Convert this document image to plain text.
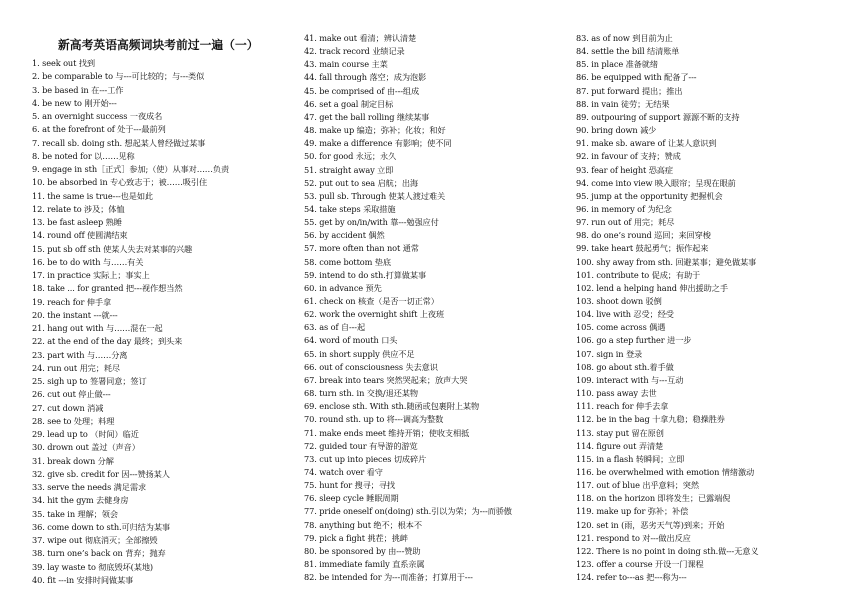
新高考英语高频词块考前过一遍（一）
1. seek out 找到
2. be comparable to 与---可比较的；与---类似
3. be based in 在---工作
4. be new to 刚开始---
5. an overnight success 一夜成名
6. at the forefront of 处于---最前列
7. recall sb. doing sth. 想起某人曾经做过某事
8. be noted for 以……见称
9. engage in sth［正式］参加;（使）从事对……负责
10. be absorbed in 专心致志于；被……吸引住
11. the same is true---也是如此
12. relate to 涉及；体恤
13. be fast asleep 熟睡
14. round off 使圆满结束
15. put sb off sth 使某人失去对某事的兴趣
16. be to do with 与……有关
17. in practice 实际上；事实上
18. take ... for granted 把---视作想当然
19. reach for 伸手拿
20. the instant ---就---
21. hang out with 与……混在一起
22. at the end of the day 最终；到头来
23. part with 与……分离
24. run out 用完；耗尽
25. sigh up to 签署同意；签订
26. cut out 停止做---
27. cut down 消减
28. see to 处理；料理
29. lead up to （时间）临近
30. drown out 盖过（声音）
31. break down 分解
32. give sb. credit for 因---赞扬某人
33. serve the needs 满足需求
34. hit the gym 去健身房
35. take in 理解；领会
36. come down to sth.可归结为某事
37. wipe out 彻底消灭；全部擦毁
38. turn one’s back on 背弃；抛弃
39. lay waste to 彻底毁坏(某地)
40. fit ---in 安排时间做某事
41. make out 看清；辨认清楚
42. track record 业绩记录
43. main course 主菜
44. fall through 落空；成为泡影
45. be comprised of 由---组成
46. set a goal 制定目标
47. get the ball rolling 继续某事
48. make up 编造；弥补；化妆；和好
49. make a difference 有影响；使不同
50. for good 永远；永久
51. straight away 立即
52. put out to sea 启航；出海
53. pull sb. Through 使某人渡过难关
54. take steps 采取措施
55. get by on/in/with 靠---勉强应付
56. by accident 偶然
57. more often than not 通常
58. come bottom 垫底
59. intend to do sth.打算做某事
60. in advance 预先
61. check on 核查（是否一切正常）
62. work the overnight shift 上夜班
63. as of 自---起
64. word of mouth 口头
65. in short supply 供应不足
66. out of consciousness 失去意识
67. break into tears 突然哭起来；放声大哭
68. turn sth. in 交换/退还某物
69. enclose sth. With sth.随函或包裹附上某物
70. round sth. up to 将---调高为整数
71. make ends meet 维持开销；使收支相抵
72. guided tour 有导游的游览
73. cut up into pieces 切成碎片
74. watch over 看守
75. hunt for 搜寻；寻找
76. sleep cycle 睡眠周期
77. pride oneself on(doing) sth.引以为荣；为---而骄傲
78. anything but 绝不；根本不
79. pick a fight 挑茬；挑衅
80. be sponsored by 由---赞助
81. immediate family 直系亲属
82. be intended for 为---而准备；打算用于---
83. as of now 到目前为止
84. settle the bill 结清账单
85. in place 准备就绪
86. be equipped with 配备了---
87. put forward 提出；推出
88. in vain 徒劳；无结果
89. outpouring of support 源源不断的支持
90. bring down 减少
91. make sb. aware of 让某人意识到
92. in favour of 支持；赞成
93. fear of height 恐高症
94. come into view 映入眼帘；呈现在眼前
95. jump at the opportunity 把握机会
96. in memory of 为纪念
97. run out of 用完；耗尽
98. do one’s round 巡回；来回穿梭
99. take heart 鼓起勇气；振作起来
100. shy away from sth. 回避某事；避免做某事
101. contribute to 促成；有助于
102. lend a helping hand 伸出援助之手
103. shoot down 驳倒
104. live with 忍受；经受
105. come across 偶遇
106. go a step further 进一步
107. sign in 登录
108. go about sth.着手做
109. interact with 与---互动
110. pass away 去世
111. reach for 伸手去拿
112. be in the bag 十拿九稳；稳操胜券
113. stay put 留在原创
114. figure out 弄清楚
115. in a flash 转瞬间；立即
116. be overwhelmed with emotion 情绪激动
117. out of blue 出乎意料；突然
118. on the horizon 即将发生；已露端倪
119. make up for 弥补；补偿
120. set in (雨，恶劣天气等)到来；开始
121. respond to 对---做出反应
122. There is no point in doing sth.做---无意义
123. offer a course 开设一门课程
124. refer to---as 把---称为---
